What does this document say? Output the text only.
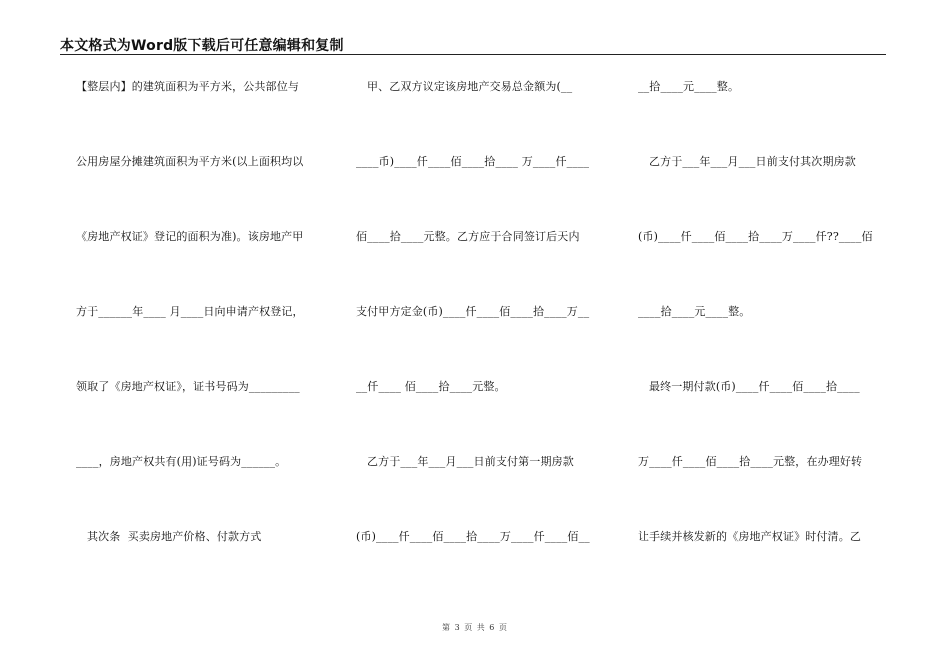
本文格式为Word版下载后可任意编辑和复制
【整层内】的建筑面积为平方米，公共部位与
公用房屋分摊建筑面积为平方米(以上面积均以
《房地产权证》登记的面积为准)。该房地产甲
方于______年____ 月____日向申请产权登记，
领取了《房地产权证》，证书号码为_________
____，房地产权共有(用)证号码为______。
其次条  买卖房地产价格、付款方式
甲、乙双方议定该房地产交易总金额为(__
____币)____仟____佰____拾____ 万____仟____
佰____拾____元整。乙方应于合同签订后天内
支付甲方定金(币)____仟____佰____拾____万__
__仟____ 佰____拾____元整。
乙方于___年___月___日前支付第一期房款
(币)____仟____佰____拾____万____仟____佰__
__拾____元____整。
乙方于___年___月___日前支付其次期房款
(币)____仟____佰____拾____万____仟??____佰
____拾____元____整。
最终一期付款(币)____仟____佰____拾____
万____仟____佰____拾____元整，在办理好转
让手续并核发新的《房地产权证》时付清。乙
第 3 页 共 6 页
